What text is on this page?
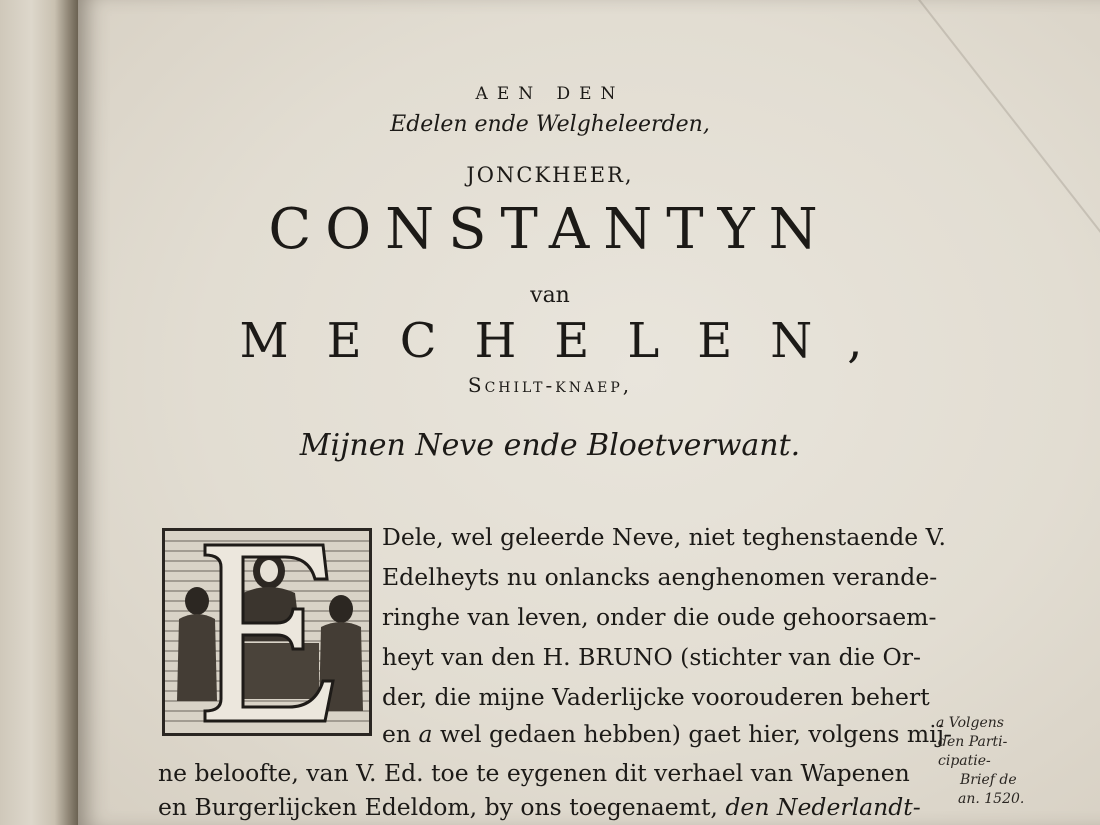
AEN DEN
Edelen ende Welgheleerden,
JONCKHEER,
CONSTANTYN
van
MECHELEN,
Schilt-knaep,
Mijnen Neve ende Bloetverwant.
Dele, wel geleerde Neve, niet teghenstaende V.
Edelheyts nu onlancks aenghenomen verande-
ringhe van leven, onder die oude gehoorsaem-
heyt van den H. BRUNO (stichter van die Or-
der, die mijne Vaderlijcke voorouderen behert
en a wel gedaen hebben) gaet hier, volgens mij-
ne beloofte, van V. Ed. toe te eygenen dit verhael van Wapenen
en Burgerlijcken Edeldom, by ons toegenaemt, den Nederlandt-
a Volgens
den Parti-
cipatie-
Brief de
an. 1520.
